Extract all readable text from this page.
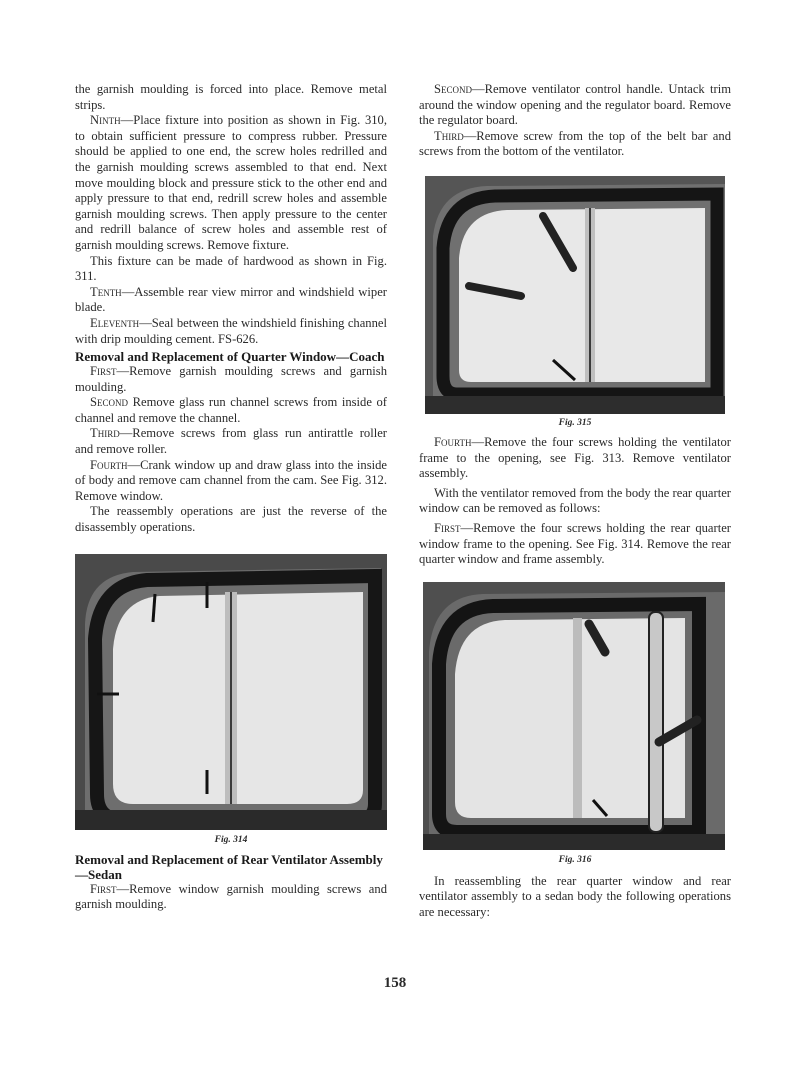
the garnish moulding is forced into place. Remove metal strips.

Ninth—Place fixture into position as shown in Fig. 310, to obtain sufficient pressure to compress rubber. Pressure should be applied to one end, the screw holes redrilled and the garnish moulding screws assembled to that end. Next move moulding block and pressure stick to the other end and apply pressure to that end, redrill screw holes and assemble garnish moulding screws. Then apply pressure to the center and redrill balance of screw holes and assemble rest of garnish moulding screws. Remove fixture.

This fixture can be made of hardwood as shown in Fig. 311.

Tenth—Assemble rear view mirror and windshield wiper blade.

Eleventh—Seal between the windshield finishing channel with drip moulding cement. FS-626.

Removal and Replacement of Quarter Window—Coach

First—Remove garnish moulding screws and garnish moulding.

Second Remove glass run channel screws from inside of channel and remove the channel.

Third—Remove screws from glass run antirattle roller and remove roller.

Fourth—Crank window up and draw glass into the inside of body and remove cam channel from the cam. See Fig. 312. Remove window.

The reassembly operations are just the reverse of the disassembly operations.

Fig. 314
Removal and Replacement of Rear Ventilator Assembly—Sedan

First—Remove window garnish moulding screws and garnish moulding.

Second—Remove ventilator control handle. Untack trim around the window opening and the regulator board. Remove the regulator board.

Third—Remove screw from the top of the belt bar and screws from the bottom of the ventilator.

Fig. 315

Fourth—Remove the four screws holding the ventilator frame to the opening, see Fig. 313. Remove ventilator assembly.

With the ventilator removed from the body the rear quarter window can be removed as follows:

First—Remove the four screws holding the rear quarter window frame to the opening. See Fig. 314. Remove the rear quarter window and frame assembly.

Fig. 316

In reassembling the rear quarter window and rear ventilator assembly to a sedan body the following operations are necessary:

158
